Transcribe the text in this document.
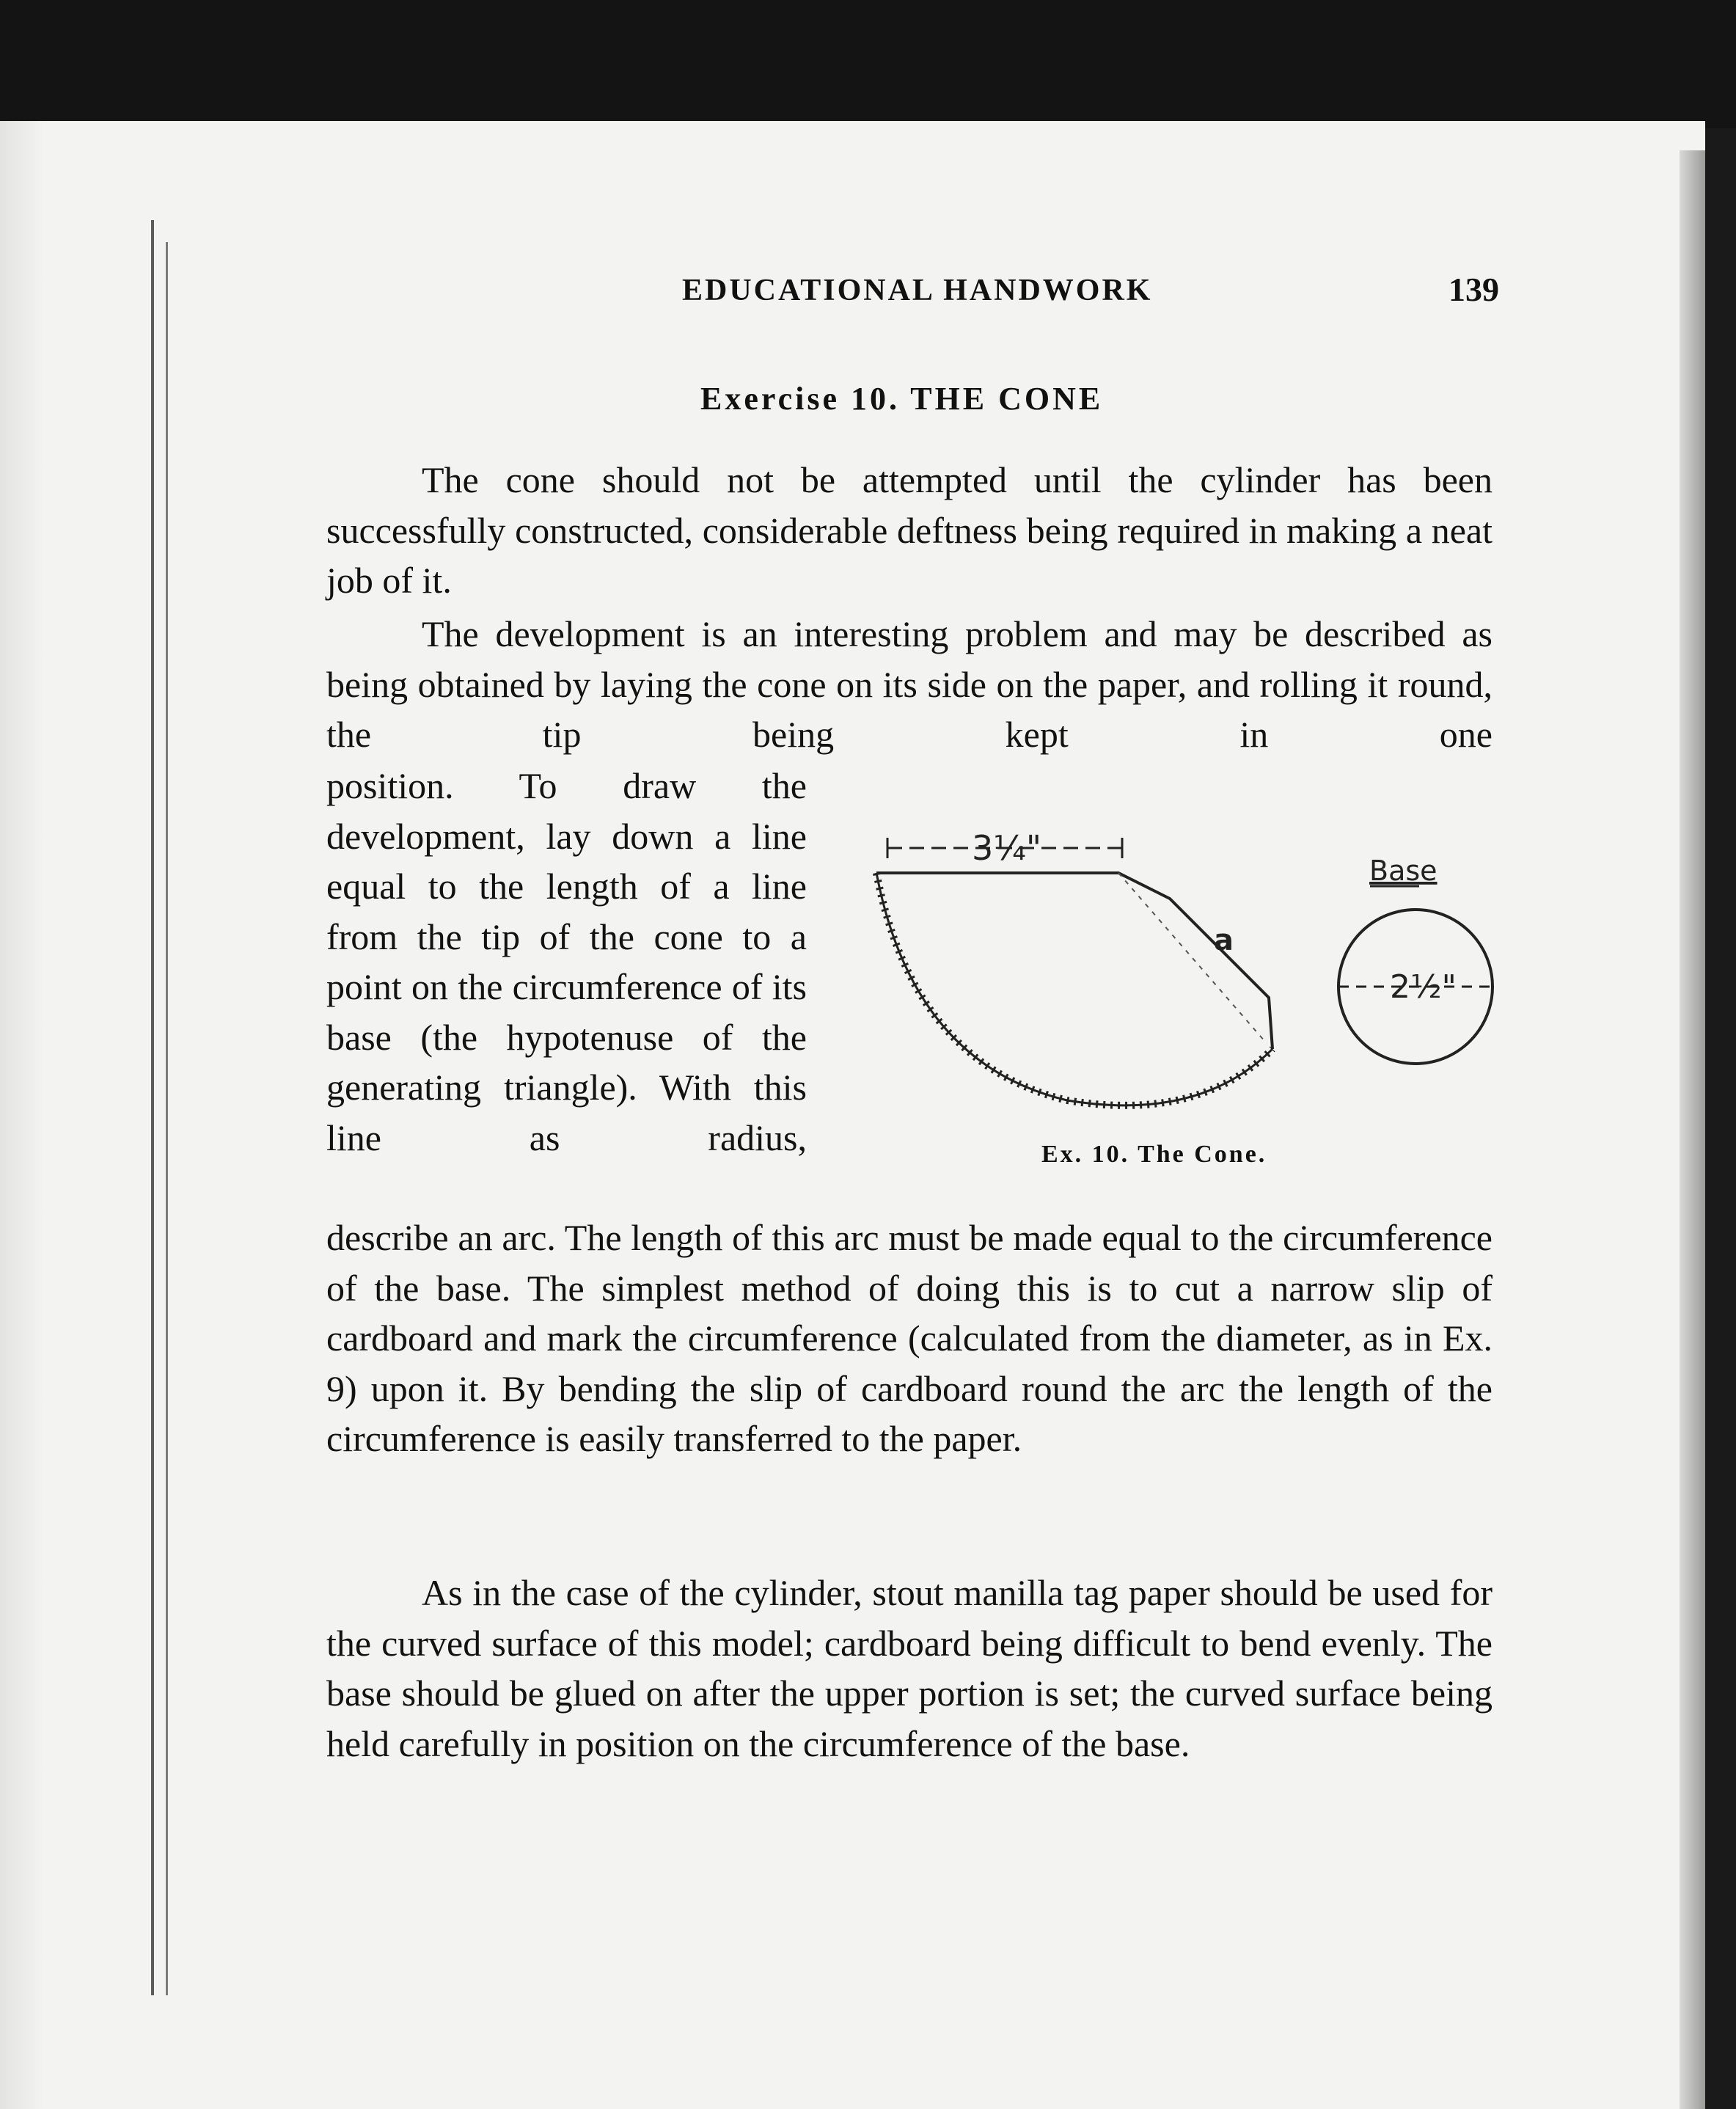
EDUCATIONAL HANDWORK	139
Exercise 10. THE CONE

The cone should not be attempted until the cylinder has been successfully constructed, considerable deftness being required in making a neat job of it.

The development is an interesting problem and may be described as being obtained by laying the cone on its side on the paper, and rolling it round, the tip being kept in one

position. To draw the development, lay down a line equal to the length of a line from the tip of the cone to a point on the circumference of its base (the hypotenuse of the generating triangle). With this line as radius,

describe an arc. The length of this arc must be made equal to the circumference of the base. The simplest method of doing this is to cut a narrow slip of cardboard and mark the circumference (calculated from the diameter, as in Ex. 9) upon it. By bending the slip of cardboard round the arc the length of the circumference is easily transferred to the paper.

As in the case of the cylinder, stout manilla tag paper should be used for the curved surface of this model; cardboard being difficult to bend evenly. The base should be glued on after the upper portion is set; the curved surface being held carefully in position on the circumference of the base.

3¼"
a
Base
2½"
Ex. 10. The Cone.
